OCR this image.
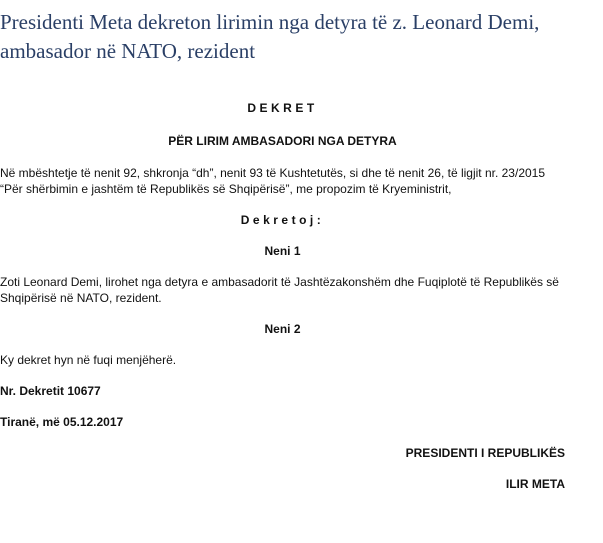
Presidenti Meta dekreton lirimin nga detyra të z. Leonard Demi, ambasador në NATO, rezident

DEKRET

PËR LIRIM AMBASADORI NGA DETYRA

Në mbështetje të nenit 92, shkronja “dh”, nenit 93 të Kushtetutës, si dhe të nenit 26, të ligjit nr. 23/2015 “Për shërbimin e jashtëm të Republikës së Shqipërisë”, me propozim të Kryeministrit,

Dekretoj:

Neni 1

Zoti Leonard Demi, lirohet nga detyra e ambasadorit të Jashtëzakonshëm dhe Fuqiplotë të Republikës së Shqipërisë në NATO, rezident.

Neni 2

Ky dekret hyn në fuqi menjëherë.

Nr. Dekretit 10677

Tiranë, më 05.12.2017

PRESIDENTI I REPUBLIKËS

ILIR META
